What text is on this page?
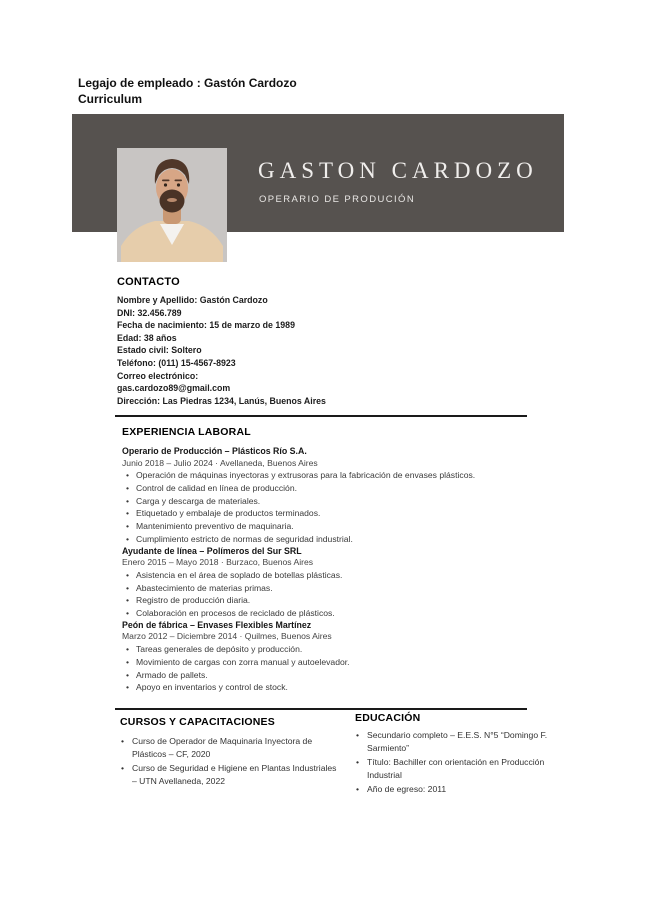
Legajo de empleado : Gastón Cardozo
Curriculum
GASTON CARDOZO
OPERARIO DE PRODUCIÓN
CONTACTO
Nombre y Apellido: Gastón Cardozo
DNI: 32.456.789
Fecha de nacimiento: 15 de marzo de 1989
Edad: 38 años
Estado civil: Soltero
Teléfono: (011) 15-4567-8923
Correo electrónico:
gas.cardozo89@gmail.com
Dirección: Las Piedras 1234, Lanús, Buenos Aires
EXPERIENCIA LABORAL
Operario de Producción – Plásticos Río S.A.
Junio 2018 – Julio 2024 · Avellaneda, Buenos Aires
• Operación de máquinas inyectoras y extrusoras para la fabricación de envases plásticos.
• Control de calidad en línea de producción.
• Carga y descarga de materiales.
• Etiquetado y embalaje de productos terminados.
• Mantenimiento preventivo de maquinaria.
• Cumplimiento estricto de normas de seguridad industrial.
Ayudante de línea – Polímeros del Sur SRL
Enero 2015 – Mayo 2018 · Burzaco, Buenos Aires
• Asistencia en el área de soplado de botellas plásticas.
• Abastecimiento de materias primas.
• Registro de producción diaria.
• Colaboración en procesos de reciclado de plásticos.
Peón de fábrica – Envases Flexibles Martínez
Marzo 2012 – Diciembre 2014 · Quilmes, Buenos Aires
• Tareas generales de depósito y producción.
• Movimiento de cargas con zorra manual y autoelevador.
• Armado de pallets.
• Apoyo en inventarios y control de stock.
CURSOS Y CAPACITACIONES
• Curso de Operador de Maquinaria Inyectora de Plásticos – CF, 2020
• Curso de Seguridad e Higiene en Plantas Industriales – UTN Avellaneda, 2022
EDUCACIÓN
• Secundario completo – E.E.S. N°5 “Domingo F. Sarmiento”
• Título: Bachiller con orientación en Producción Industrial
• Año de egreso: 2011
